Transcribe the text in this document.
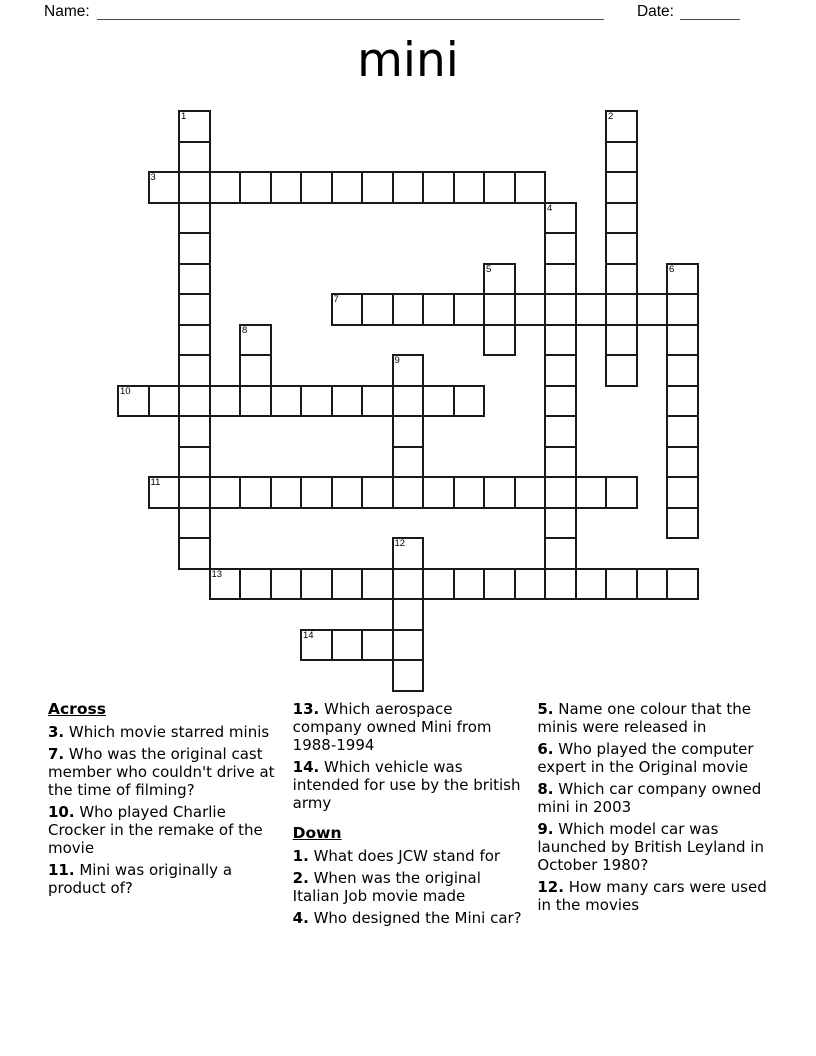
Name:	Date:
mini
1	2
3
4
5	6
7
8
9
10
11
12
13
14

Across

3. Which movie starred minis

7. Who was the original cast member who couldn't drive at the time of filming?

10. Who played Charlie Crocker in the remake of the movie

11. Mini was originally a product of?

13. Which aerospace company owned Mini from 1988-1994

14. Which vehicle was intended for use by the british army

Down

1. What does JCW stand for

2. When was the original Italian Job movie made

4. Who designed the Mini car?

5. Name one colour that the minis were released in

6. Who played the computer expert in the Original movie

8. Which car company owned mini in 2003

9. Which model car was launched by British Leyland in October 1980?

12. How many cars were used in the movies
